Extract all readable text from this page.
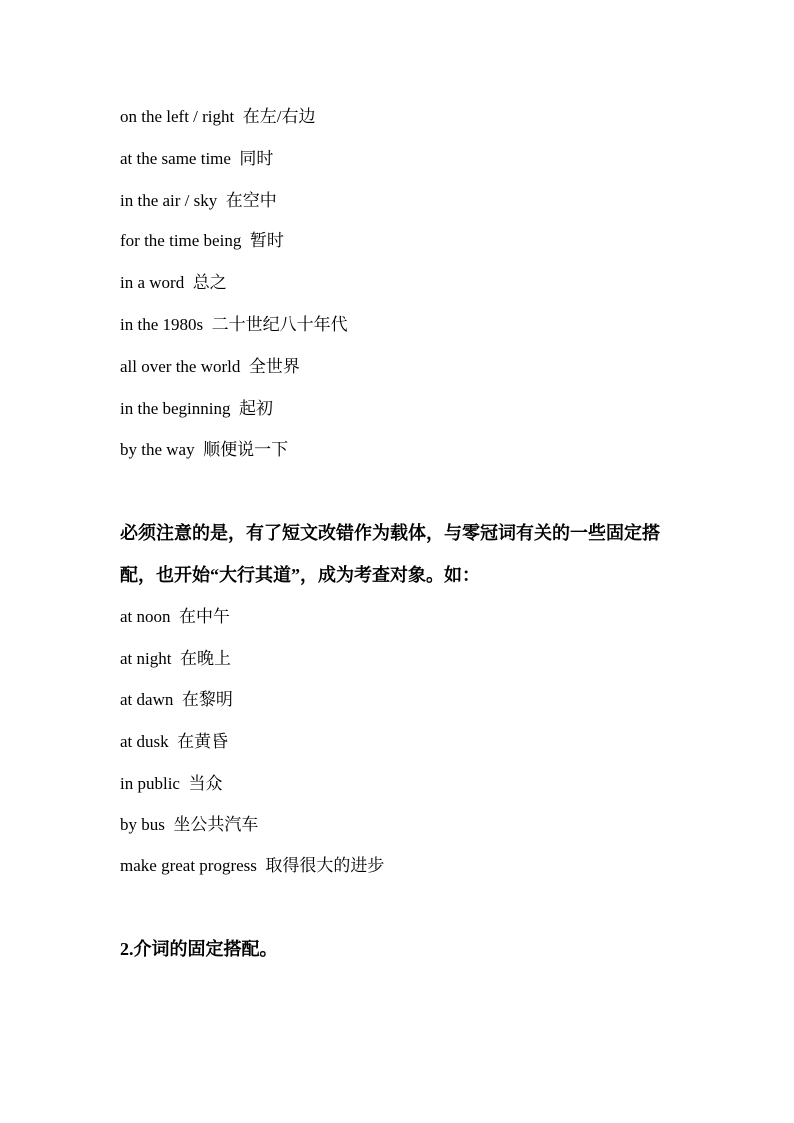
on the left / right  在左/右边
at the same time  同时
in the air / sky  在空中
for the time being  暂时
in a word  总之
in the 1980s  二十世纪八十年代
all over the world  全世界
in the beginning  起初
by the way  顺便说一下
必须注意的是，有了短文改错作为载体，与零冠词有关的一些固定搭
配，也开始“大行其道”，成为考查对象。如：
at noon  在中午
at night  在晚上
at dawn  在黎明
at dusk  在黄昏
in public  当众
by bus  坐公共汽车
make great progress  取得很大的进步
2.介词的固定搭配。
